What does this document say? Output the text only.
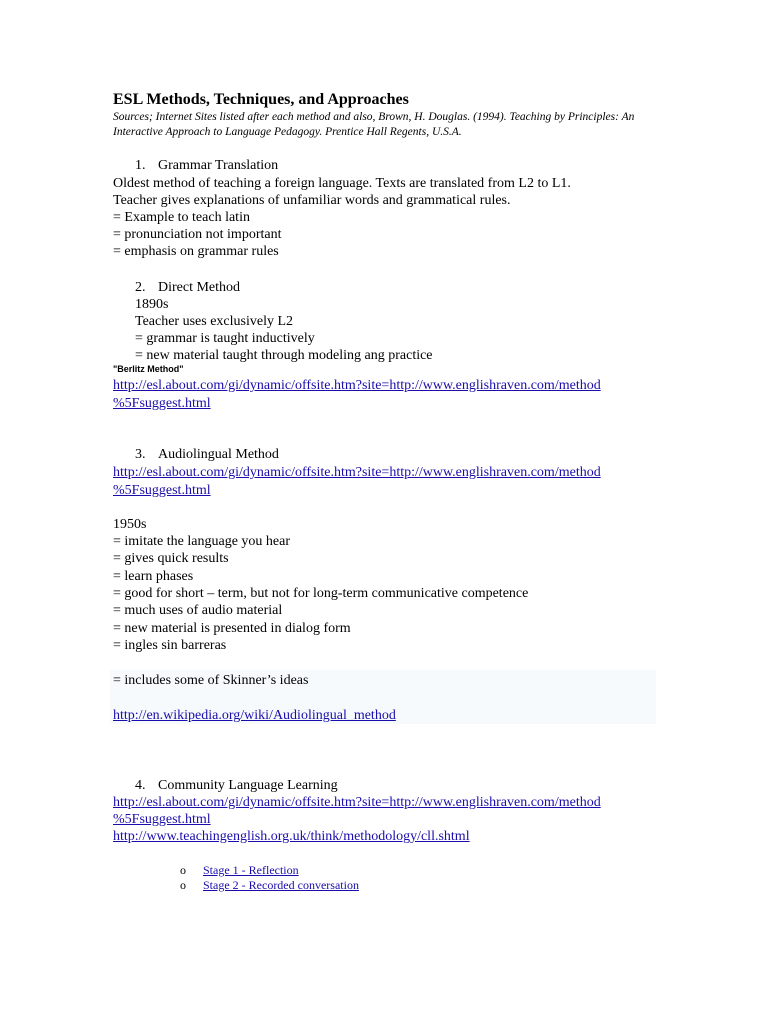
ESL Methods, Techniques, and Approaches
Sources; Internet Sites listed after each method and also, Brown, H. Douglas. (1994). Teaching by Principles: An Interactive Approach to Language Pedagogy. Prentice Hall Regents, U.S.A.
1. Grammar Translation
Oldest method of teaching a foreign language. Texts are translated from L2 to L1.
Teacher gives explanations of unfamiliar words and grammatical rules.
= Example to teach latin
= pronunciation not important
= emphasis on grammar rules
2. Direct Method
1890s
Teacher uses exclusively L2
= grammar is taught inductively
= new material taught through modeling ang practice
"Berlitz Method"
http://esl.about.com/gi/dynamic/offsite.htm?site=http://www.englishraven.com/method
%5Fsuggest.html
3. Audiolingual Method
http://esl.about.com/gi/dynamic/offsite.htm?site=http://www.englishraven.com/method
%5Fsuggest.html
1950s
= imitate the language you hear
= gives quick results
= learn phases
= good for short – term, but not for long-term communicative competence
= much uses of audio material
= new material is presented in dialog form
= ingles sin barreras
= includes some of Skinner’s ideas
http://en.wikipedia.org/wiki/Audiolingual_method
4. Community Language Learning
http://esl.about.com/gi/dynamic/offsite.htm?site=http://www.englishraven.com/method
%5Fsuggest.html
http://www.teachingenglish.org.uk/think/methodology/cll.shtml
o Stage 1 - Reflection
o Stage 2 - Recorded conversation
